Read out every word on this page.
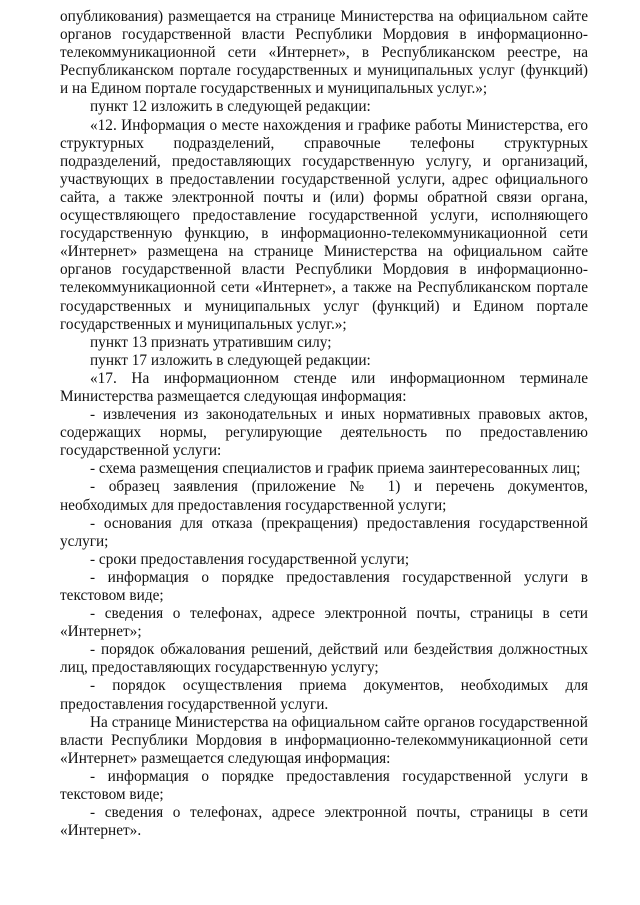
опубликования) размещается на странице Министерства на официальном сайте органов государственной власти Республики Мордовия в информационно-телекоммуникационной сети «Интернет», в Республиканском реестре, на Республиканском портале государственных и муниципальных услуг (функций) и на Едином портале государственных и муниципальных услуг.»;

пункт 12 изложить в следующей редакции:

«12. Информация о месте нахождения и графике работы Министерства, его структурных подразделений, справочные телефоны структурных подразделений, предоставляющих государственную услугу, и организаций, участвующих в предоставлении государственной услуги, адрес официального сайта, а также электронной почты и (или) формы обратной связи органа, осуществляющего предоставление государственной услуги, исполняющего государственную функцию, в информационно-телекоммуникационной сети «Интернет» размещена на странице Министерства на официальном сайте органов государственной власти Республики Мордовия в информационно-телекоммуникационной сети «Интернет», а также на Республиканском портале государственных и муниципальных услуг (функций) и Едином портале государственных и муниципальных услуг.»;

пункт 13 признать утратившим силу;

пункт 17 изложить в следующей редакции:

«17. На информационном стенде или информационном терминале Министерства размещается следующая информация:

- извлечения из законодательных и иных нормативных правовых актов, содержащих нормы, регулирующие деятельность по предоставлению государственной услуги:

- схема размещения специалистов и график приема заинтересованных лиц;

- образец заявления (приложение № 1) и перечень документов, необходимых для предоставления государственной услуги;

- основания для отказа (прекращения) предоставления государственной услуги;

- сроки предоставления государственной услуги;

- информация о порядке предоставления государственной услуги в текстовом виде;

- сведения о телефонах, адресе электронной почты, страницы в сети «Интернет»;

- порядок обжалования решений, действий или бездействия должностных лиц, предоставляющих государственную услугу;

- порядок осуществления приема документов, необходимых для предоставления государственной услуги.

На странице Министерства на официальном сайте органов государственной власти Республики Мордовия в информационно-телекоммуникационной сети «Интернет» размещается следующая информация:

- информация о порядке предоставления государственной услуги в текстовом виде;

- сведения о телефонах, адресе электронной почты, страницы в сети «Интернет».
